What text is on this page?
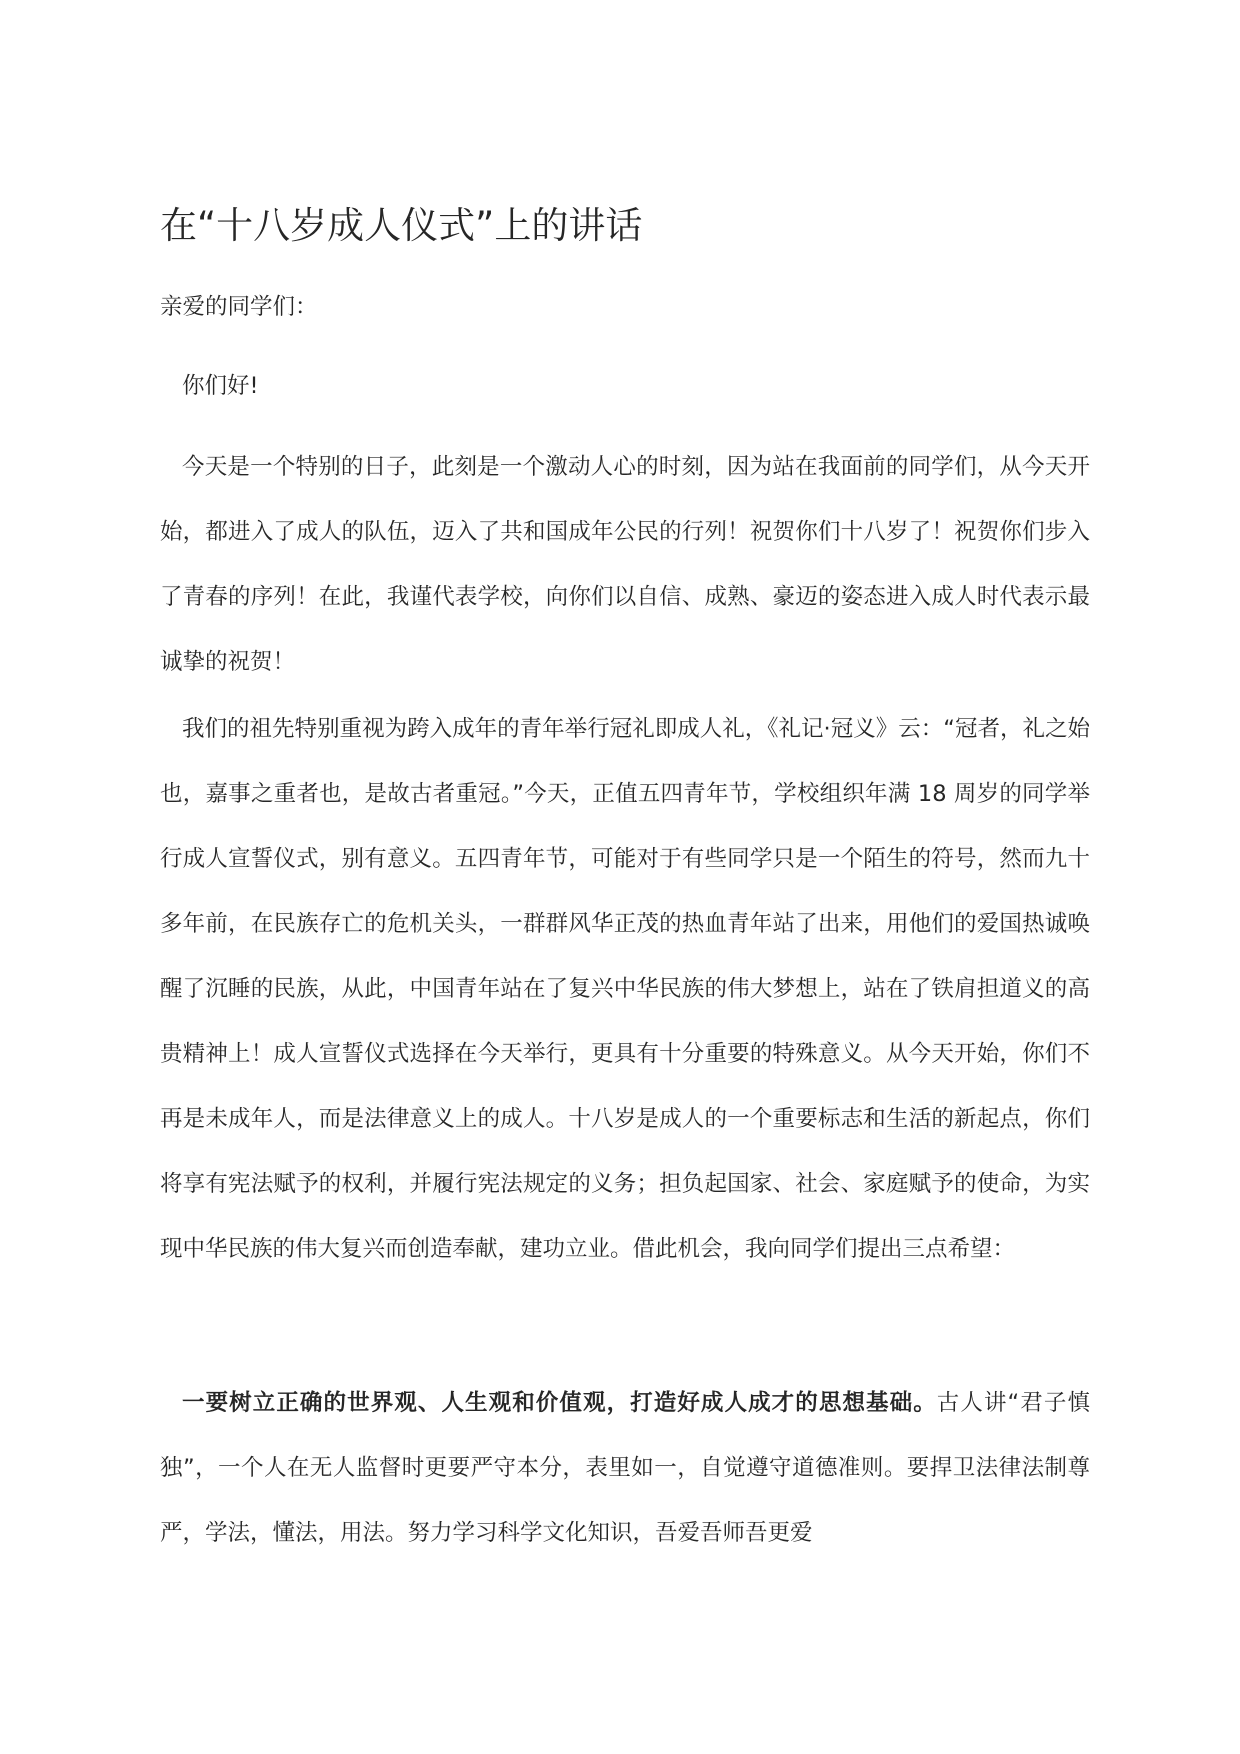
在“十八岁成人仪式”上的讲话

亲爱的同学们：

你们好!

今天是一个特别的日子，此刻是一个激动人心的时刻，因为站在我面前的同学们，从今天开始，都进入了成人的队伍，迈入了共和国成年公民的行列！祝贺你们十八岁了！祝贺你们步入了青春的序列！在此，我谨代表学校，向你们以自信、成熟、豪迈的姿态进入成人时代表示最诚挚的祝贺！

我们的祖先特别重视为跨入成年的青年举行冠礼即成人礼，《礼记·冠义》云：“冠者，礼之始也，嘉事之重者也，是故古者重冠。”今天，正值五四青年节，学校组织年满 18 周岁的同学举行成人宣誓仪式，别有意义。五四青年节，可能对于有些同学只是一个陌生的符号，然而九十多年前，在民族存亡的危机关头，一群群风华正茂的热血青年站了出来，用他们的爱国热诚唤醒了沉睡的民族，从此，中国青年站在了复兴中华民族的伟大梦想上，站在了铁肩担道义的高贵精神上！成人宣誓仪式选择在今天举行，更具有十分重要的特殊意义。从今天开始，你们不再是未成年人，而是法律意义上的成人。十八岁是成人的一个重要标志和生活的新起点，你们将享有宪法赋予的权利，并履行宪法规定的义务；担负起国家、社会、家庭赋予的使命，为实现中华民族的伟大复兴而创造奉献，建功立业。借此机会，我向同学们提出三点希望：

一要树立正确的世界观、人生观和价值观，打造好成人成才的思想基础。古人讲“君子慎独”，一个人在无人监督时更要严守本分，表里如一，自觉遵守道德准则。要捍卫法律法制尊严，学法，懂法，用法。努力学习科学文化知识，吾爱吾师吾更爱
